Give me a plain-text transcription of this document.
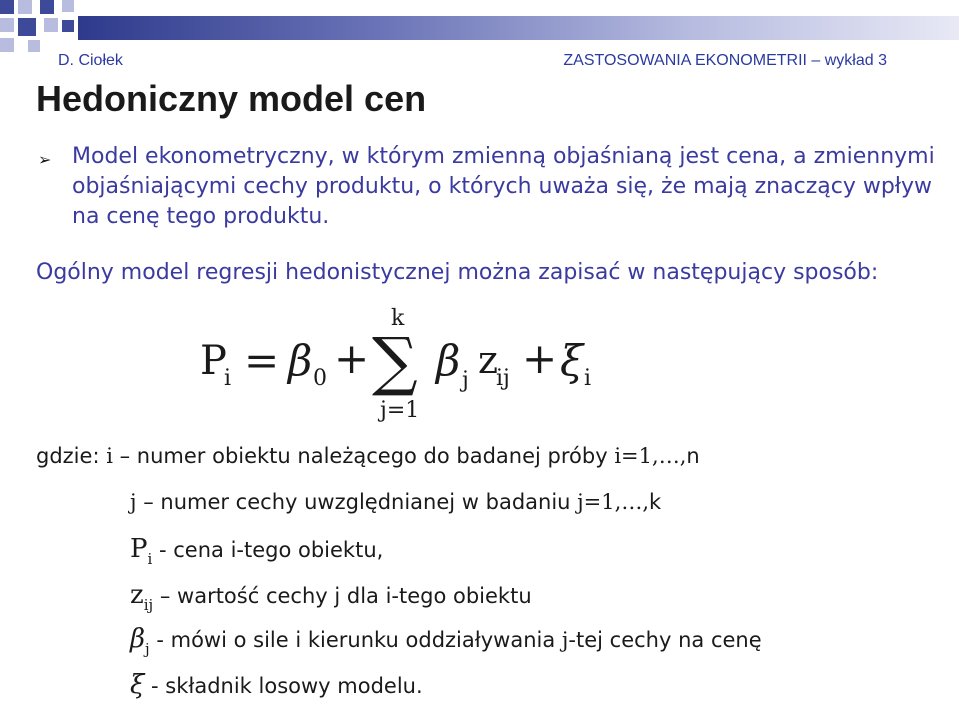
D. Ciołek	ZASTOSOWANIA EKONOMETRII – wykład 3
Hedoniczny model cen
➢ Model ekonometryczny, w którym zmienną objaśnianą jest cena, a zmiennymi objaśniającymi cechy produktu, o których uważa się, że mają znaczący wpływ na cenę tego produktu.

Ogólny model regresji hedonistycznej można zapisać w następujący sposób:

P
i = β 0 +
k
∑
j=1
β j z
ij + ξ i

gdzie: i – numer obiektu należącego do badanej próby i=1,…,n

j – numer cechy uwzględnianej w badaniu j=1,…,k

$P_i$ - cena i-tego obiektu,

$z_{ij}$ – wartość cechy j dla i-tego obiektu

$\beta_j$ - mówi o sile i kierunku oddziaływania j-tej cechy na cenę

ξ - składnik losowy modelu.
